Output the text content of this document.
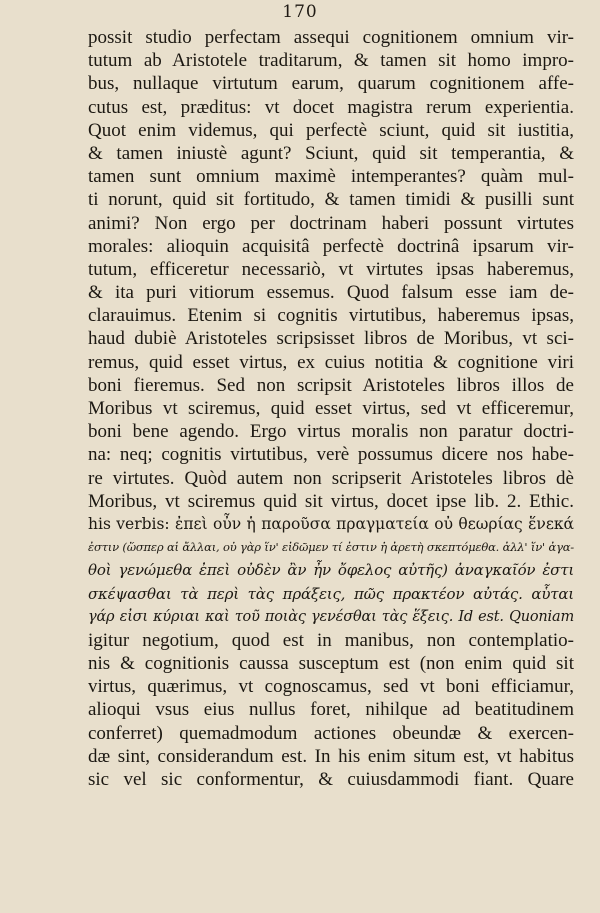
170
possit studio perfectam assequi cognitionem omnium vir-
tutum ab Aristotele traditarum, & tamen sit homo impro-
bus, nullaque virtutum earum, quarum cognitionem affe-
cutus est, præditus: vt docet magistra rerum experientia.
Quot enim videmus, qui perfectè sciunt, quid sit iustitia,
& tamen iniustè agunt? Sciunt, quid sit temperantia, &
tamen sunt omnium maximè intemperantes? quàm mul-
ti norunt, quid sit fortitudo, & tamen timidi & pusilli sunt
animi? Non ergo per doctrinam haberi possunt virtutes
morales: alioquin acquisitâ perfectè doctrinâ ipsarum vir-
tutum, efficeretur necessariò, vt virtutes ipsas haberemus,
& ita puri vitiorum essemus. Quod falsum esse iam de-
clarauimus. Etenim si cognitis virtutibus, haberemus ipsas,
haud dubiè Aristoteles scripsisset libros de Moribus, vt sci-
remus, quid esset virtus, ex cuius notitia & cognitione viri
boni fieremus. Sed non scripsit Aristoteles libros illos de
Moribus vt sciremus, quid esset virtus, sed vt efficeremur,
boni bene agendo. Ergo virtus moralis non paratur doctri-
na: neq; cognitis virtutibus, verè possumus dicere nos habe-
re virtutes. Quòd autem non scripserit Aristoteles libros dè
Moribus, vt sciremus quid sit virtus, docet ipse lib. 2. Ethic.
his verbis: ἐπεὶ οὖν ἡ παροῦσα πραγματεία οὐ θεωρίας ἕνεκά
ἐστιν (ὥσπερ αἱ ἄλλαι, οὐ γὰρ ἵν' εἰδῶμεν τί ἐστιν ἡ ἀρετὴ σκεπτόμεθα. ἀλλ' ἵν' ἀγα-
θοὶ γενώμεθα ἐπεὶ οὐδὲν ἂν ἦν ὄφελος αὐτῆς) ἀναγκαῖόν ἐστι
σκέψασθαι τὰ περὶ τὰς πράξεις, πῶς πρακτέον αὐτάς. αὗται
γάρ εἰσι κύριαι καὶ τοῦ ποιὰς γενέσθαι τὰς ἕξεις. Id est. Quoniam
igitur negotium, quod est in manibus, non contemplatio-
nis & cognitionis caussa susceptum est (non enim quid sit
virtus, quærimus, vt cognoscamus, sed vt boni efficiamur,
alioqui vsus eius nullus foret, nihilque ad beatitudinem
conferret) quemadmodum actiones obeundæ & exercen-
dæ sint, considerandum est. In his enim situm est, vt habitus
sic vel sic conformentur, & cuiusdammodi fiant. Quare
